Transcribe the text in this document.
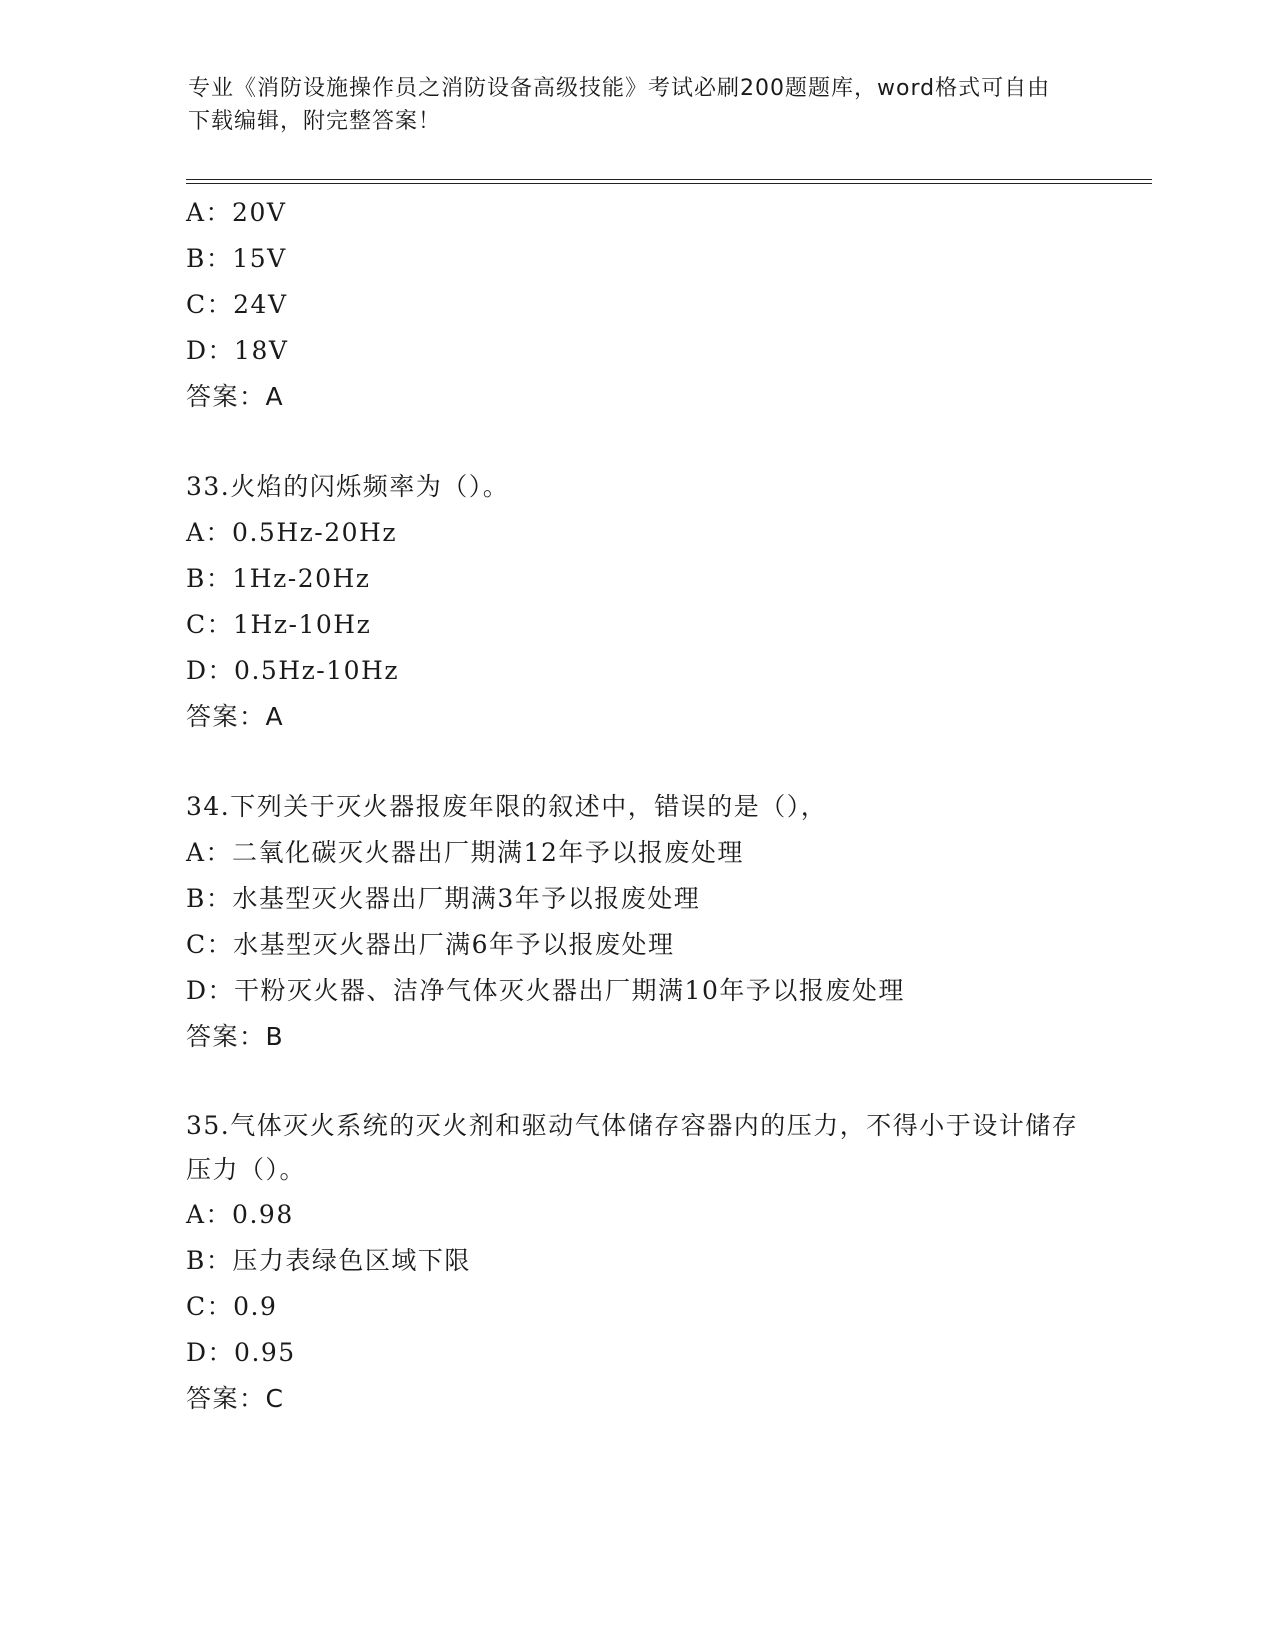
专业《消防设施操作员之消防设备高级技能》考试必刷200题题库，word格式可自由下载编辑，附完整答案！
A：20V
B：15V
C：24V
D：18V
答案：A
33.火焰的闪烁频率为（）。
A：0.5Hz-20Hz
B：1Hz-20Hz
C：1Hz-10Hz
D：0.5Hz-10Hz
答案：A
34.下列关于灭火器报废年限的叙述中，错误的是（），
A：二氧化碳灭火器出厂期满12年予以报废处理
B：水基型灭火器出厂期满3年予以报废处理
C：水基型灭火器出厂满6年予以报废处理
D：干粉灭火器、洁净气体灭火器出厂期满10年予以报废处理
答案：B
35.气体灭火系统的灭火剂和驱动气体储存容器内的压力，不得小于设计储存压力（）。
A：0.98
B：压力表绿色区域下限
C：0.9
D：0.95
答案：C
